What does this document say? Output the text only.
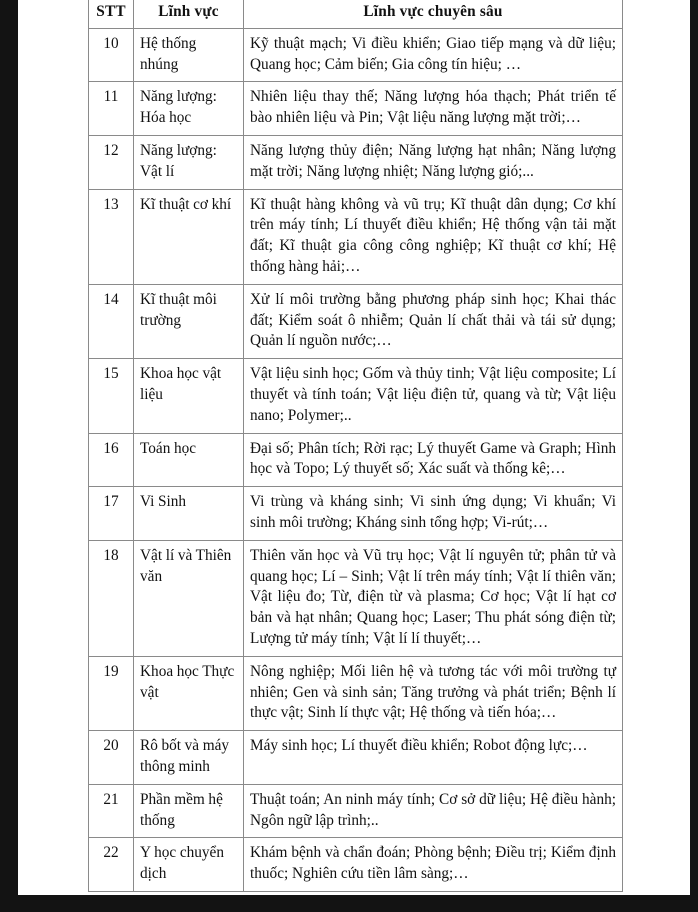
STT	Lĩnh vực	Lĩnh vực chuyên sâu
10	Hệ thống nhúng	Kỹ thuật mạch; Vi điều khiển; Giao tiếp mạng và dữ liệu; Quang học; Cảm biến; Gia công tín hiệu; …
11	Năng lượng: Hóa học	Nhiên liệu thay thế; Năng lượng hóa thạch; Phát triển tế bào nhiên liệu và Pin; Vật liệu năng lượng mặt trời;…
12	Năng lượng: Vật lí	Năng lượng thủy điện; Năng lượng hạt nhân; Năng lượng mặt trời; Năng lượng nhiệt; Năng lượng gió;...
13	Kĩ thuật cơ khí	Kĩ thuật hàng không và vũ trụ; Kĩ thuật dân dụng; Cơ khí trên máy tính; Lí thuyết điều khiển; Hệ thống vận tải mặt đất; Kĩ thuật gia công công nghiệp; Kĩ thuật cơ khí; Hệ thống hàng hải;…
14	Kĩ thuật môi trường	Xử lí môi trường bằng phương pháp sinh học; Khai thác đất; Kiểm soát ô nhiễm; Quản lí chất thải và tái sử dụng; Quản lí nguồn nước;…
15	Khoa học vật liệu	Vật liệu sinh học; Gốm và thủy tinh; Vật liệu composite; Lí thuyết và tính toán; Vật liệu điện tử, quang và từ; Vật liệu nano; Polymer;..
16	Toán học	Đại số; Phân tích; Rời rạc; Lý thuyết Game và Graph; Hình học và Topo; Lý thuyết số; Xác suất và thống kê;…
17	Vi Sinh	Vi trùng và kháng sinh; Vi sinh ứng dụng; Vi khuẩn; Vi sinh môi trường; Kháng sinh tổng hợp; Vi-rút;…
18	Vật lí và Thiên văn	Thiên văn học và Vũ trụ học; Vật lí nguyên tử; phân tử và quang học; Lí – Sinh; Vật lí trên máy tính; Vật lí thiên văn; Vật liệu đo; Từ, điện từ và plasma; Cơ học; Vật lí hạt cơ bản và hạt nhân; Quang học; Laser; Thu phát sóng điện từ; Lượng tử máy tính; Vật lí lí thuyết;…
19	Khoa học Thực vật	Nông nghiệp; Mối liên hệ và tương tác với môi trường tự nhiên; Gen và sinh sản; Tăng trưởng và phát triển; Bệnh lí thực vật; Sinh lí thực vật; Hệ thống và tiến hóa;…
20	Rô bốt và máy thông minh	Máy sinh học; Lí thuyết điều khiển; Robot động lực;…
21	Phần mềm hệ thống	Thuật toán; An ninh máy tính; Cơ sở dữ liệu; Hệ điều hành; Ngôn ngữ lập trình;..
22	Y học chuyển dịch	Khám bệnh và chẩn đoán; Phòng bệnh; Điều trị; Kiểm định thuốc; Nghiên cứu tiền lâm sàng;…
